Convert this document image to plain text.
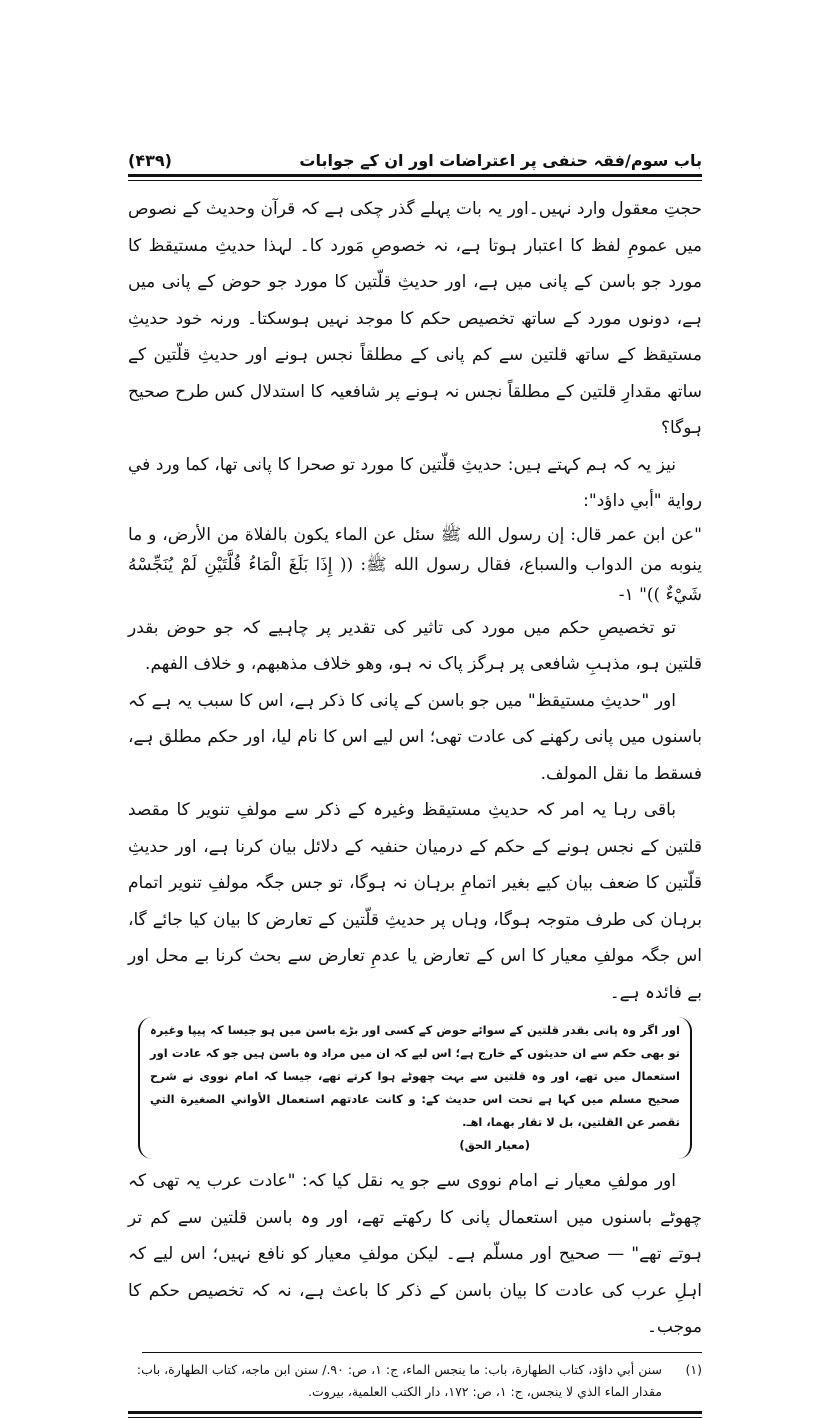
باب سوم/فقہ حنفی پر اعتراضات اور ان کے جوابات
(۴۳۹)

حجتِ معقول وارد نہیں۔اور یہ بات پہلے گذر چکی ہے کہ قرآن وحدیث کے نصوص میں عمومِ لفظ کا اعتبار ہوتا ہے، نہ خصوصِ مَورد کا۔ لہذا حدیثِ مستیقظ کا مورد جو باسن کے پانی میں ہے، اور حدیثِ قلّتین کا مورد جو حوض کے پانی میں ہے، دونوں مورد کے ساتھ تخصیص حکم کا موجد نہیں ہوسکتا۔ ورنہ خود حدیثِ مستیقظ کے ساتھ قلتین سے کم پانی کے مطلقاً نجس ہونے اور حدیثِ قلّتین کے ساتھ مقدارِ قلتین کے مطلقاً نجس نہ ہونے پر شافعیہ کا استدلال کس طرح صحیح ہوگا؟

نیز یہ کہ ہم کہتے ہیں: حدیثِ قلّتین کا مورد تو صحرا کا پانی تھا، کما ورد في رواية "أبي داؤد":

"عن ابن عمر قال: إن رسول الله ﷺ سئل عن الماء يكون بالفلاة من الأرض، و ما ينوبه من الدواب والسباع، فقال رسول الله ﷺ: (( إِذَا بَلَغَ الْمَاءُ قُلَّتَيْنِ لَمْ يُنَجِّسْهُ شَيْءٌ ))" ١-

تو تخصیصِ حکم میں مورد کی تاثیر کی تقدیر پر چاہیے کہ جو حوض بقدر قلتین ہو، مذہبِ شافعی پر ہرگز پاک نہ ہو، وهو خلاف مذهبهم، و خلاف الفهم.

اور "حدیثِ مستیقظ" میں جو باسن کے پانی کا ذکر ہے، اس کا سبب یہ ہے کہ باسنوں میں پانی رکھنے کی عادت تھی؛ اس لیے اس کا نام لیا، اور حکم مطلق ہے، فسقط ما نقل المولف.

باقی رہا یہ امر کہ حدیثِ مستیقظ وغیرہ کے ذکر سے مولفِ تنویر کا مقصد قلتین کے نجس ہونے کے حکم کے درمیان حنفیہ کے دلائل بیان کرنا ہے، اور حدیثِ قلّتین کا ضعف بیان کیے بغیر اتمامِ برہان نہ ہوگا، تو جس جگہ مولفِ تنویر اتمام برہان کی طرف متوجہ ہوگا، وہاں پر حدیثِ قلّتین کے تعارض کا بیان کیا جائے گا، اس جگہ مولفِ معیار کا اس کے تعارض یا عدمِ تعارض سے بحث کرنا بے محل اور بے فائدہ ہے۔

اور اگر وہ پانی بقدر قلتین کے سوائے حوض کے کسی اور بڑے باسن میں ہو جیسا کہ پیپا وغیرہ تو بھی حکم سے ان حدیثوں کے خارج ہے؛ اس لیے کہ ان میں مراد وہ باسن ہیں جو کہ عادت اور استعمال میں تھے، اور وہ قلتین سے بہت چھوٹے ہوا کرتے تھے، جیسا کہ امام نووی نے شرح صحیح مسلم میں کہا ہے تحت اس حدیث کے: و كانت عادتهم استعمال الأواني الصغيرة التي تقصر عن القلتين، بل لا تقار بهما، اهـ.

(معیار الحق)

اور مولفِ معیار نے امام نووی سے جو یہ نقل کیا کہ: "عادت عرب یہ تھی کہ چھوٹے باسنوں میں استعمال پانی کا رکھتے تھے، اور وہ باسن قلتین سے کم تر ہوتے تھے" — صحیح اور مسلّم ہے۔ لیکن مولفِ معیار کو نافع نہیں؛ اس لیے کہ اہلِ عرب کی عادت کا بیان باسن کے ذکر کا باعث ہے، نہ کہ تخصیص حکم کا موجب۔

(١)
سنن أبي داؤد، كتاب الطهارة، باب: ما ينجس الماء، ج: ١، ص: ٩٠./ سنن ابن ماجه، كتاب الطهارة، باب: مقدار الماء الذي لا ينجس، ج: ١، ص: ١٧٢، دار الكتب العلمية، بيروت.
